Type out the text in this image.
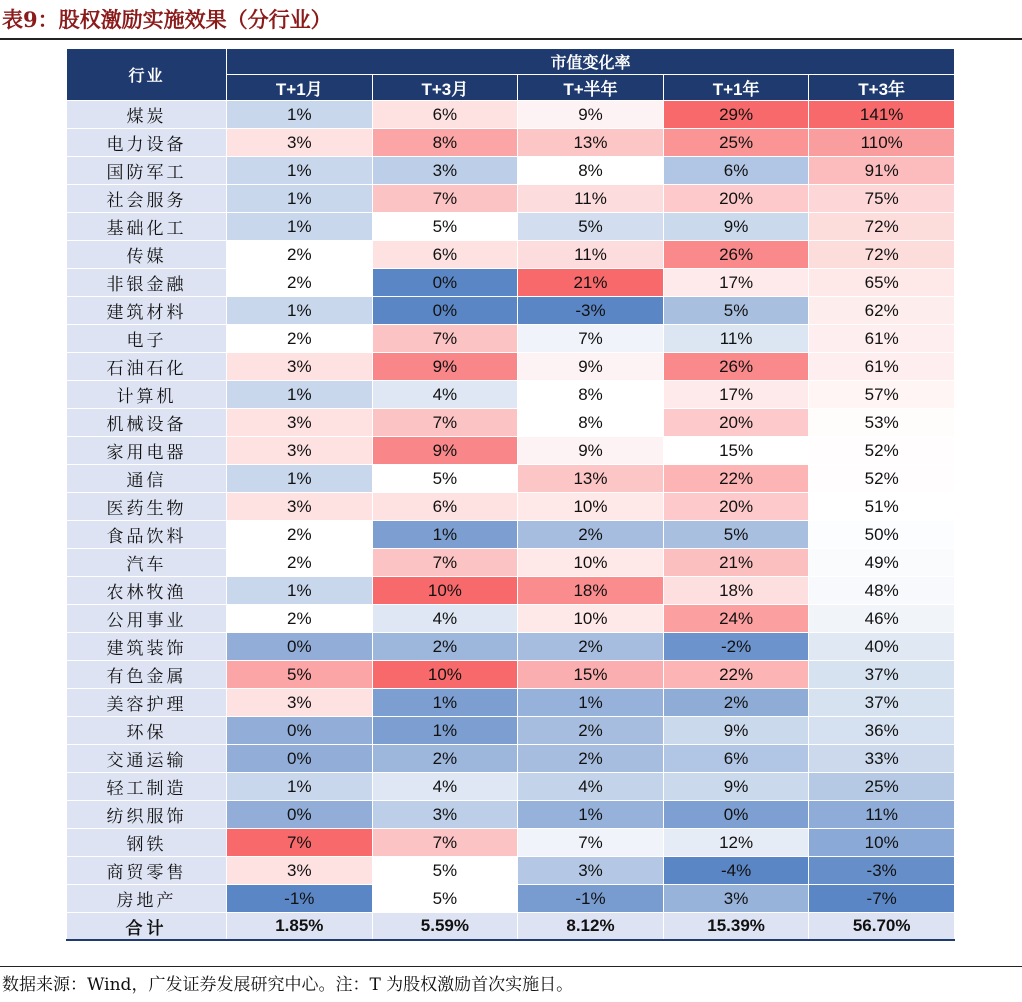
表9：股权激励实施效果（分行业）
行业	市值变化率				
	T+1月	T+3月	T+半年	T+1年	T+3年
煤炭	1%	6%	9%	29%	141%
电力设备	3%	8%	13%	25%	110%
国防军工	1%	3%	8%	6%	91%
社会服务	1%	7%	11%	20%	75%
基础化工	1%	5%	5%	9%	72%
传媒	2%	6%	11%	26%	72%
非银金融	2%	0%	21%	17%	65%
建筑材料	1%	0%	-3%	5%	62%
电子	2%	7%	7%	11%	61%
石油石化	3%	9%	9%	26%	61%
计算机	1%	4%	8%	17%	57%
机械设备	3%	7%	8%	20%	53%
家用电器	3%	9%	9%	15%	52%
通信	1%	5%	13%	22%	52%
医药生物	3%	6%	10%	20%	51%
食品饮料	2%	1%	2%	5%	50%
汽车	2%	7%	10%	21%	49%
农林牧渔	1%	10%	18%	18%	48%
公用事业	2%	4%	10%	24%	46%
建筑装饰	0%	2%	2%	-2%	40%
有色金属	5%	10%	15%	22%	37%
美容护理	3%	1%	1%	2%	37%
环保	0%	1%	2%	9%	36%
交通运输	0%	2%	2%	6%	33%
轻工制造	1%	4%	4%	9%	25%
纺织服饰	0%	3%	1%	0%	11%
钢铁	7%	7%	7%	12%	10%
商贸零售	3%	5%	3%	-4%	-3%
房地产	-1%	5%	-1%	3%	-7%
合计	1.85%	5.59%	8.12%	15.39%	56.70%
数据来源：Wind，广发证券发展研究中心。注：T 为股权激励首次实施日。
